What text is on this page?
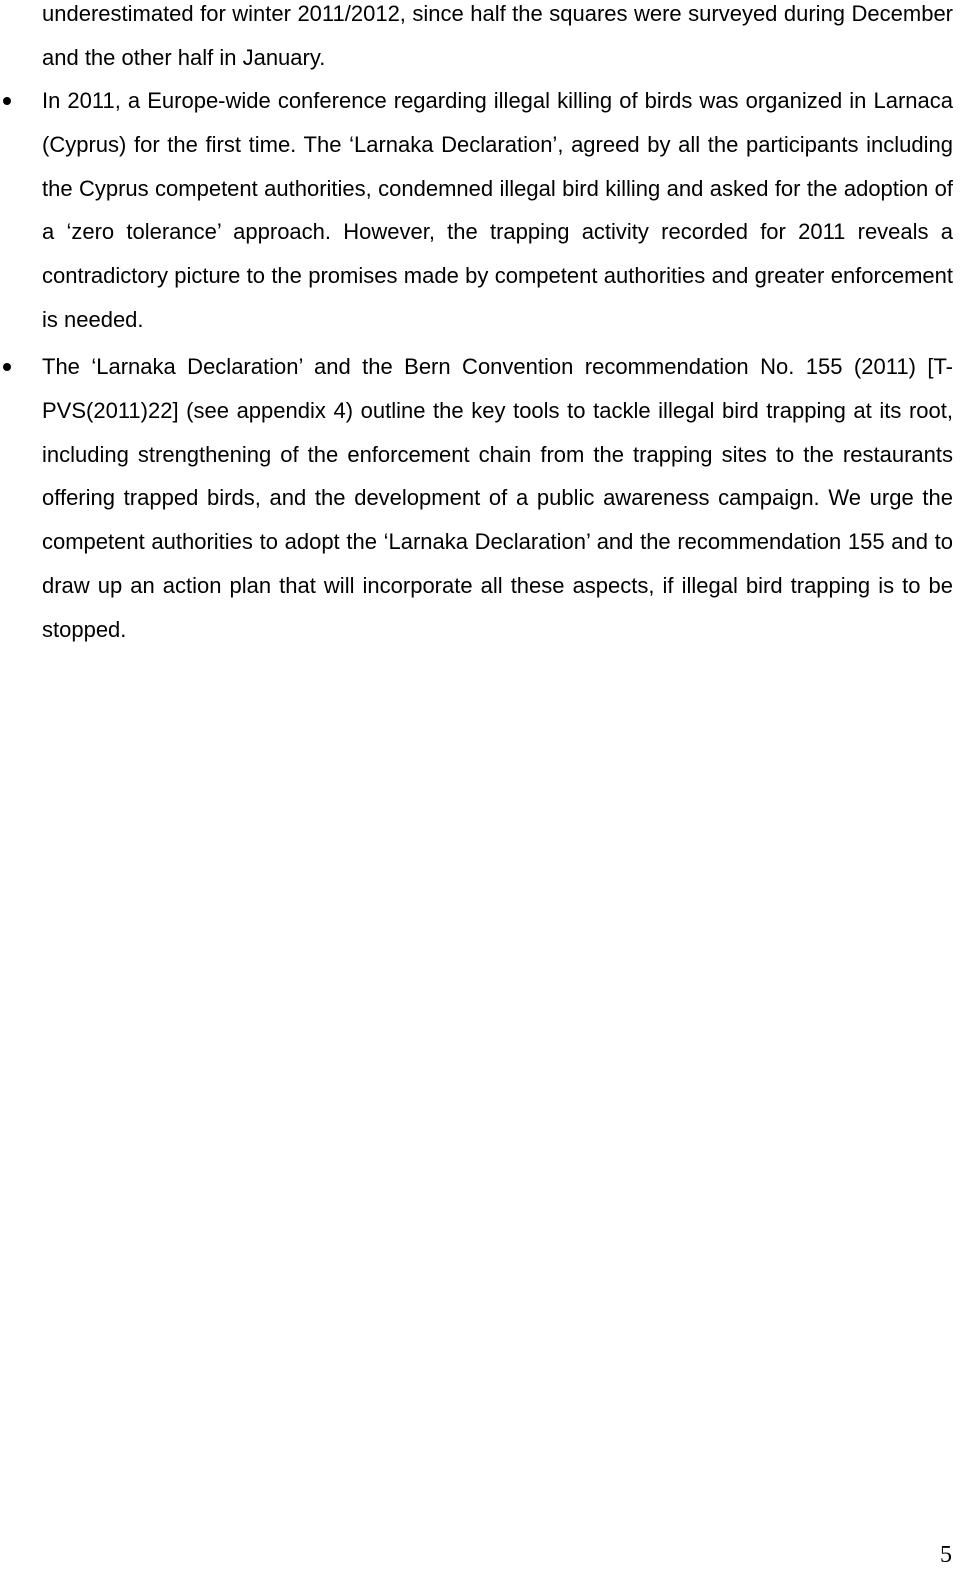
underestimated for winter 2011/2012, since half the squares were surveyed during December and the other half in January.

In 2011, a Europe-wide conference regarding illegal killing of birds was organized in Larnaca (Cyprus) for the first time. The ‘Larnaka Declaration’, agreed by all the participants including the Cyprus competent authorities, condemned illegal bird killing and asked for the adoption of a ‘zero tolerance’ approach. However, the trapping activity recorded for 2011 reveals a contradictory picture to the promises made by competent authorities and greater enforcement is needed.

The ‘Larnaka Declaration’ and the Bern Convention recommendation No. 155 (2011) [T-PVS(2011)22] (see appendix 4) outline the key tools to tackle illegal bird trapping at its root, including strengthening of the enforcement chain from the trapping sites to the restaurants offering trapped birds, and the development of a public awareness campaign. We urge the competent authorities to adopt the ‘Larnaka Declaration’ and the recommendation 155 and to draw up an action plan that will incorporate all these aspects, if illegal bird trapping is to be stopped.

5
